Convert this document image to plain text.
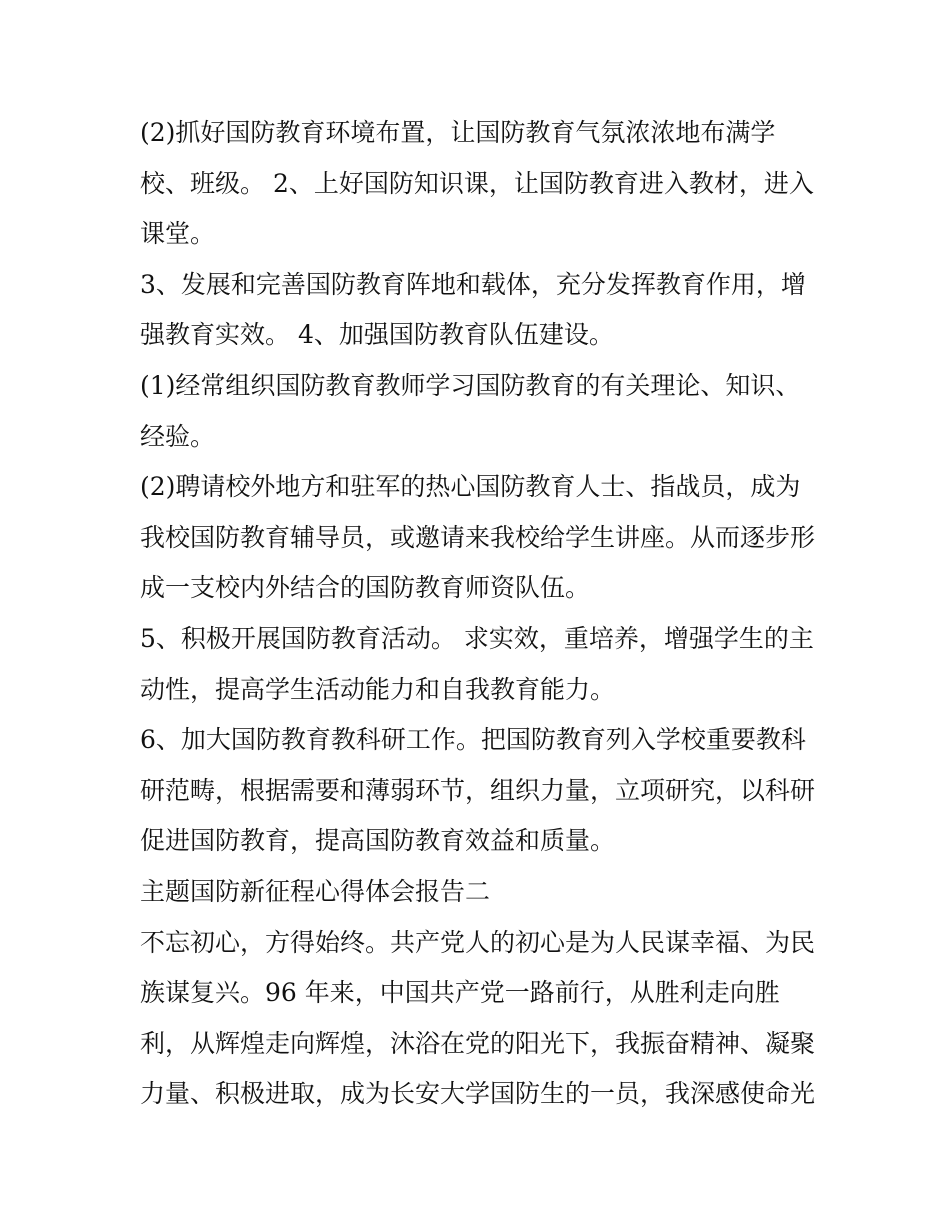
(2)抓好国防教育环境布置，让国防教育气氛浓浓地布满学
校、班级。 2、上好国防知识课，让国防教育进入教材，进入
课堂。
3、发展和完善国防教育阵地和载体，充分发挥教育作用，增
强教育实效。 4、加强国防教育队伍建设。
(1)经常组织国防教育教师学习国防教育的有关理论、知识、
经验。
(2)聘请校外地方和驻军的热心国防教育人士、指战员，成为
我校国防教育辅导员，或邀请来我校给学生讲座。从而逐步形
成一支校内外结合的国防教育师资队伍。
5、积极开展国防教育活动。 求实效，重培养，增强学生的主
动性，提高学生活动能力和自我教育能力。
6、加大国防教育教科研工作。把国防教育列入学校重要教科
研范畴，根据需要和薄弱环节，组织力量，立项研究，以科研
促进国防教育，提高国防教育效益和质量。
主题国防新征程心得体会报告二
不忘初心，方得始终。共产党人的初心是为人民谋幸福、为民
族谋复兴。96 年来，中国共产党一路前行，从胜利走向胜
利，从辉煌走向辉煌，沐浴在党的阳光下，我振奋精神、凝聚
力量、积极进取，成为长安大学国防生的一员，我深感使命光
